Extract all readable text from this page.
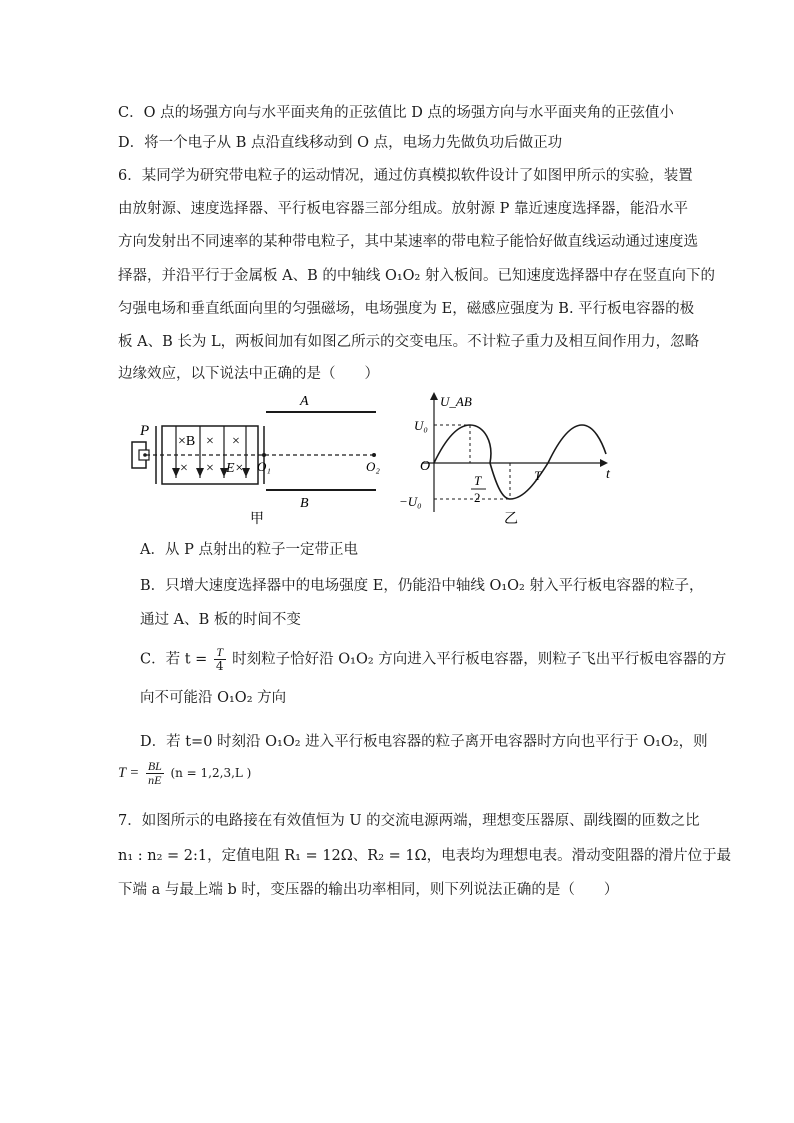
C．O 点的场强方向与水平面夹角的正弦值比 D 点的场强方向与水平面夹角的正弦值小
D．将一个电子从 B 点沿直线移动到 O 点，电场力先做负功后做正功
6．某同学为研究带电粒子的运动情况，通过仿真模拟软件设计了如图甲所示的实验，装置
由放射源、速度选择器、平行板电容器三部分组成。放射源 P 靠近速度选择器，能沿水平
方向发射出不同速率的某种带电粒子，其中某速率的带电粒子能恰好做直线运动通过速度选
择器，并沿平行于金属板 A、B 的中轴线 O₁O₂ 射入板间。已知速度选择器中存在竖直向下的
匀强电场和垂直纸面向里的匀强磁场，电场强度为 E，磁感应强度为 B. 平行板电容器的极
板 A、B 长为 L，两板间加有如图乙所示的交变电压。不计粒子重力及相互间作用力，忽略
边缘效应，以下说法中正确的是（　　）
P
×B × ×
× × E× O₁	O₂
A
B
甲
U_AB
U₀
−U₀
O
T
2
T	t
乙
A．从 P 点射出的粒子一定带正电
B．只增大速度选择器中的电场强度 E，仍能沿中轴线 O₁O₂ 射入平行板电容器的粒子，
通过 A、B 板的时间不变
C．若 $t = \frac{T}{4}$ 时刻粒子恰好沿 O₁O₂ 方向进入平行板电容器，则粒子飞出平行板电容器的方
向不可能沿 O₁O₂ 方向
D．若 t=0 时刻沿 O₁O₂ 进入平行板电容器的粒子离开电容器时方向也平行于 O₁O₂，则
$T = \frac{BL}{nE} (n = 1,2,3,L$ )
7．如图所示的电路接在有效值恒为 U 的交流电源两端，理想变压器原、副线圈的匝数之比
n₁ : n₂ = 2:1，定值电阻 R₁ = 12Ω、R₂ = 1Ω，电表均为理想电表。滑动变阻器的滑片位于最
下端 a 与最上端 b 时，变压器的输出功率相同，则下列说法正确的是（　　）
